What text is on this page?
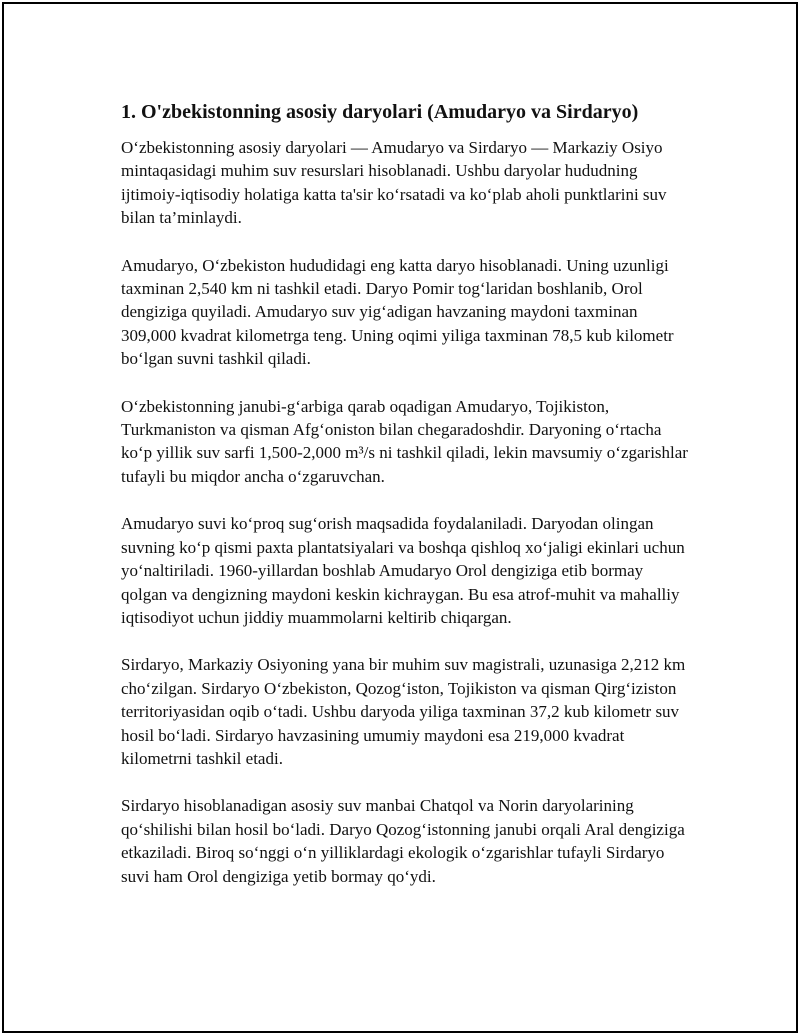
1. O'zbekistonning asosiy daryolari (Amudaryo va Sirdaryo)

O‘zbekistonning asosiy daryolari — Amudaryo va Sirdaryo — Markaziy Osiyo mintaqasidagi muhim suv resurslari hisoblanadi. Ushbu daryolar hududning ijtimoiy-iqtisodiy holatiga katta ta'sir ko‘rsatadi va ko‘plab aholi punktlarini suv bilan ta’minlaydi.

Amudaryo, O‘zbekiston hududidagi eng katta daryo hisoblanadi. Uning uzunligi taxminan 2,540 km ni tashkil etadi. Daryo Pomir tog‘laridan boshlanib, Orol dengiziga quyiladi. Amudaryo suv yig‘adigan havzaning maydoni taxminan 309,000 kvadrat kilometrga teng. Uning oqimi yiliga taxminan 78,5 kub kilometr bo‘lgan suvni tashkil qiladi.

O‘zbekistonning janubi-g‘arbiga qarab oqadigan Amudaryo, Tojikiston, Turkmaniston va qisman Afg‘oniston bilan chegaradoshdir. Daryoning o‘rtacha ko‘p yillik suv sarfi 1,500-2,000 m³/s ni tashkil qiladi, lekin mavsumiy o‘zgarishlar tufayli bu miqdor ancha o‘zgaruvchan.

Amudaryo suvi ko‘proq sug‘orish maqsadida foydalaniladi. Daryodan olingan suvning ko‘p qismi paxta plantatsiyalari va boshqa qishloq xo‘jaligi ekinlari uchun yo‘naltiriladi. 1960-yillardan boshlab Amudaryo Orol dengiziga etib bormay qolgan va dengizning maydoni keskin kichraygan. Bu esa atrof-muhit va mahalliy iqtisodiyot uchun jiddiy muammolarni keltirib chiqargan.

Sirdaryo, Markaziy Osiyoning yana bir muhim suv magistrali, uzunasiga 2,212 km cho‘zilgan. Sirdaryo O‘zbekiston, Qozog‘iston, Tojikiston va qisman Qirg‘iziston territoriyasidan oqib o‘tadi. Ushbu daryoda yiliga taxminan 37,2 kub kilometr suv hosil bo‘ladi. Sirdaryo havzasining umumiy maydoni esa 219,000 kvadrat kilometrni tashkil etadi.

Sirdaryo hisoblanadigan asosiy suv manbai Chatqol va Norin daryolarining qo‘shilishi bilan hosil bo‘ladi. Daryo Qozog‘istonning janubi orqali Aral dengiziga etkaziladi. Biroq so‘nggi o‘n yilliklardagi ekologik o‘zgarishlar tufayli Sirdaryo suvi ham Orol dengiziga yetib bormay qo‘ydi.
